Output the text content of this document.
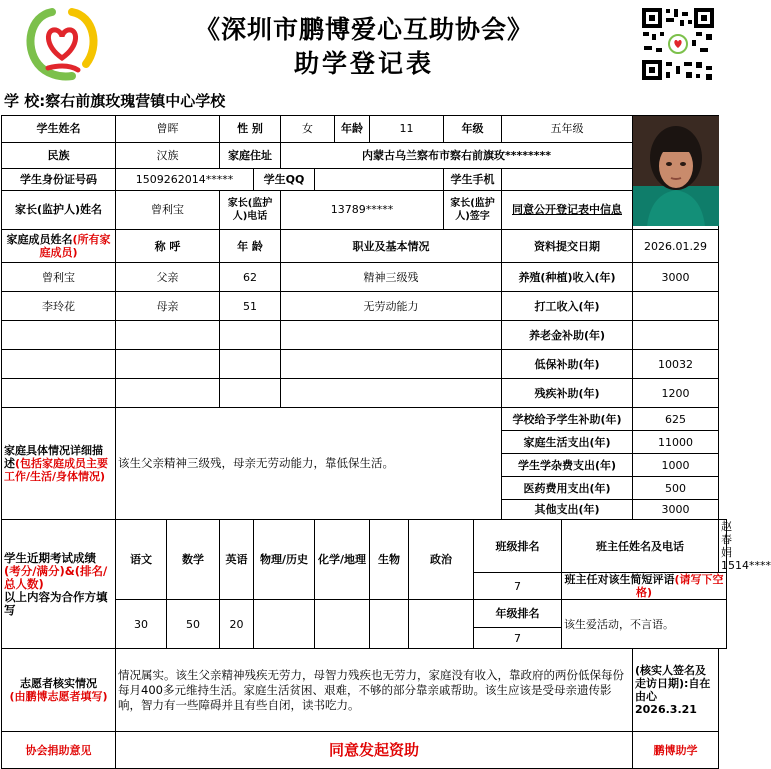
《深圳市鹏博爱心互助协会》
助学登记表
学 校:察右前旗玫瑰营镇中心学校
学生姓名	曾晖		性 别		女		年龄	11		年级		五年级	
民族	汉族		家庭住址		内蒙古乌兰察布市察右前旗玫********										
学生身份证号码	1509262014*****			学生QQ						学生手机					
家长(监护人)姓名	曾利宝		家长(监护人)电话		13789*****					家长(监护人)签字		同意公开登记表中信息			
家庭成员姓名(所有家庭成员)	称 呼		年 龄		职业及基本情况							资料提交日期		2026.01.29	
曾利宝	父亲		62		精神三级残							养殖(种植)收入(年)		3000	
李玲花	母亲		51		无劳动能力							打工收入(年)			
												养老金补助(年)			
												低保补助(年)		10032	
												残疾补助(年)		1200	
家庭具体情况详细描述(包括家庭成员主要工作/生活/身体情况)	该生父亲精神三级残，母亲无劳动能力，靠低保生活。											学校给予学生补助(年)		625	
												家庭生活支出(年)		11000	
												学生学杂费支出(年)		1000	
												医药费用支出(年)		500	
												其他支出(年)		3000	
学生近期考试成绩
(考分/满分)&(排名/总人数)
以上内容为合作方填写	语文	数学	英语	物理/历史		化学/地理		生物	政治		班级排名		班主任姓名及电话		赵春娟1514****
											7		班主任对该生简短评语(请写下空格)		
	30	50	20								年级排名		该生爱活动，不言语。		
											7				
志愿者核实情况
(由鹏博志愿者填写)	情况属实。该生父亲精神残疾无劳力，母智力残疾也无劳力，家庭没有收入，靠政府的两份低保每份每月400多元维持生活。家庭生活贫困、艰难，不够的部分靠亲戚帮助。该生应该是受母亲遗传影响，智力有一些障碍并且有些自闭，读书吃力。													(核实人签名及走访日期):自在由心
2026.3.21	
协会捐助意见	同意发起资助													鹏博助学	
